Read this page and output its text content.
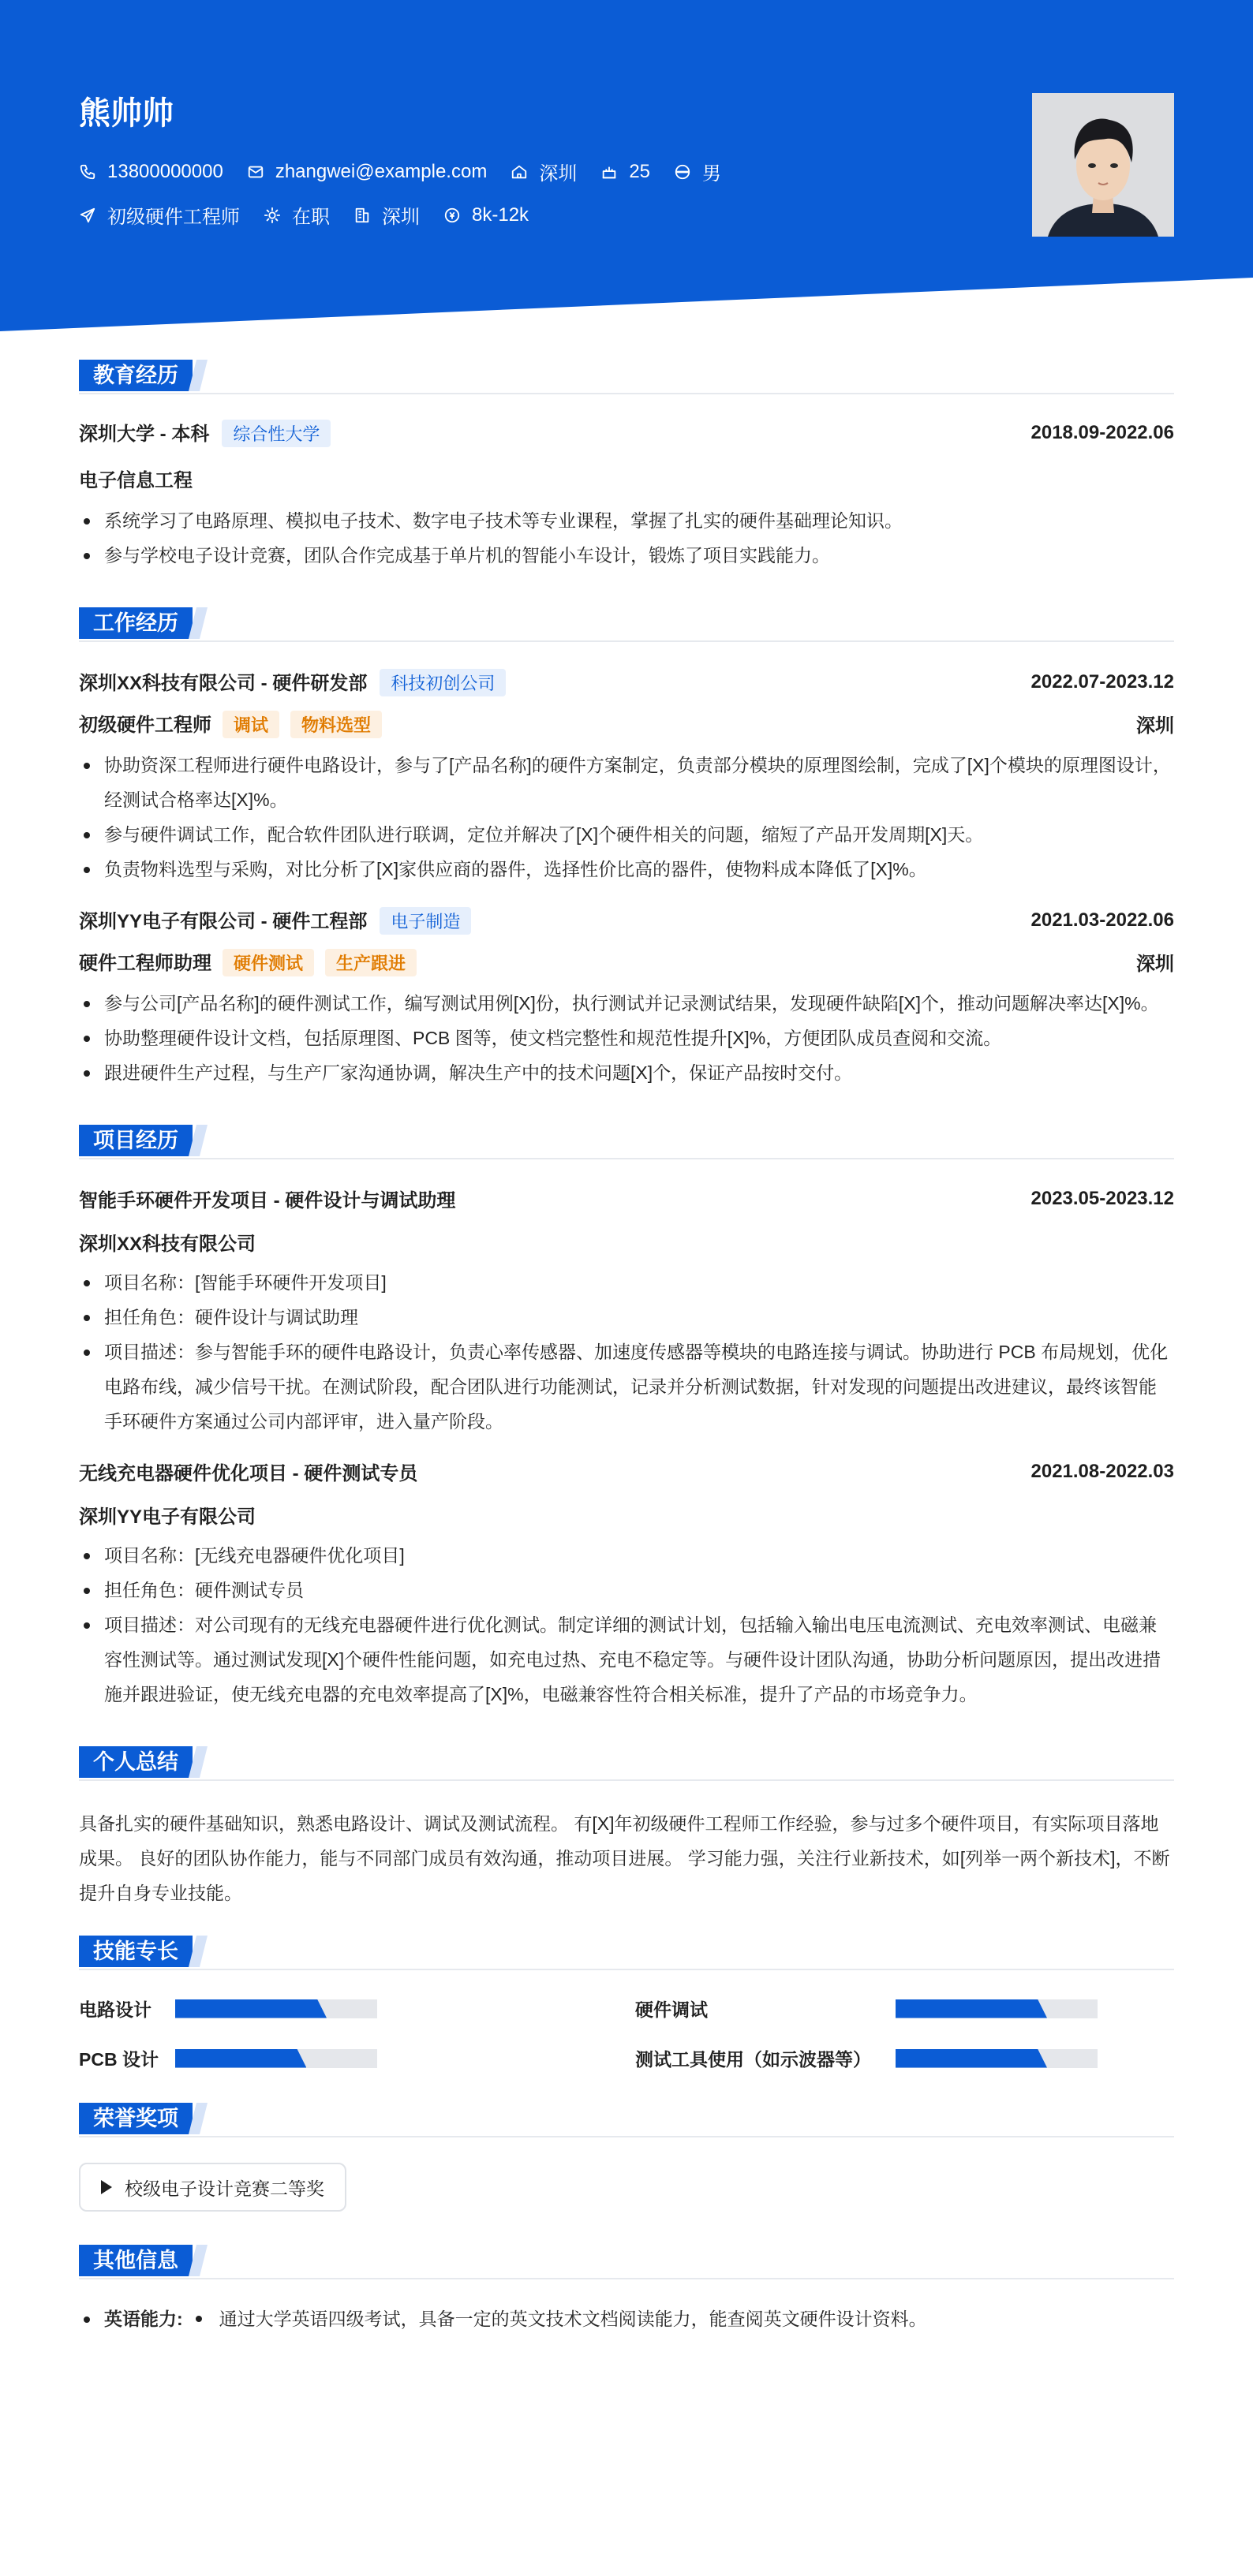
熊帅帅
13800000000	zhangwei@example.com	深圳	25	男
初级硬件工程师	在职	深圳	8k-12k
教育经历
深圳大学 - 本科 综合性大学	2018.09-2022.06
电子信息工程
系统学习了电路原理、模拟电子技术、数字电子技术等专业课程，掌握了扎实的硬件基础理论知识。
参与学校电子设计竞赛，团队合作完成基于单片机的智能小车设计，锻炼了项目实践能力。
工作经历
深圳XX科技有限公司 - 硬件研发部 科技初创公司	2022.07-2023.12
初级硬件工程师 调试 物料选型	深圳
协助资深工程师进行硬件电路设计，参与了[产品名称]的硬件方案制定，负责部分模块的原理图绘制，完成了[X]个模块的原理图设计，经测试合格率达[X]%。
参与硬件调试工作，配合软件团队进行联调，定位并解决了[X]个硬件相关的问题，缩短了产品开发周期[X]天。
负责物料选型与采购，对比分析了[X]家供应商的器件，选择性价比高的器件，使物料成本降低了[X]%。
深圳YY电子有限公司 - 硬件工程部 电子制造	2021.03-2022.06
硬件工程师助理 硬件测试 生产跟进	深圳
参与公司[产品名称]的硬件测试工作，编写测试用例[X]份，执行测试并记录测试结果，发现硬件缺陷[X]个，推动问题解决率达[X]%。
协助整理硬件设计文档，包括原理图、PCB 图等，使文档完整性和规范性提升[X]%，方便团队成员查阅和交流。
跟进硬件生产过程，与生产厂家沟通协调，解决生产中的技术问题[X]个，保证产品按时交付。
项目经历
智能手环硬件开发项目 - 硬件设计与调试助理	2023.05-2023.12
深圳XX科技有限公司
项目名称：[智能手环硬件开发项目]
担任角色：硬件设计与调试助理
项目描述：参与智能手环的硬件电路设计，负责心率传感器、加速度传感器等模块的电路连接与调试。协助进行 PCB 布局规划，优化电路布线，减少信号干扰。在测试阶段，配合团队进行功能测试，记录并分析测试数据，针对发现的问题提出改进建议，最终该智能手环硬件方案通过公司内部评审，进入量产阶段。
无线充电器硬件优化项目 - 硬件测试专员	2021.08-2022.03
深圳YY电子有限公司
项目名称：[无线充电器硬件优化项目]
担任角色：硬件测试专员
项目描述：对公司现有的无线充电器硬件进行优化测试。制定详细的测试计划，包括输入输出电压电流测试、充电效率测试、电磁兼容性测试等。通过测试发现[X]个硬件性能问题，如充电过热、充电不稳定等。与硬件设计团队沟通，协助分析问题原因，提出改进措施并跟进验证，使无线充电器的充电效率提高了[X]%，电磁兼容性符合相关标准，提升了产品的市场竞争力。
个人总结
具备扎实的硬件基础知识，熟悉电路设计、调试及测试流程。 有[X]年初级硬件工程师工作经验，参与过多个硬件项目，有实际项目落地成果。 良好的团队协作能力，能与不同部门成员有效沟通，推动项目进展。 学习能力强，关注行业新技术，如[列举一两个新技术]，不断提升自身专业技能。
技能专长
电路设计	硬件调试
PCB 设计	测试工具使用（如示波器等）
荣誉奖项
校级电子设计竞赛二等奖
其他信息
英语能力: 通过大学英语四级考试，具备一定的英文技术文档阅读能力，能查阅英文硬件设计资料。
